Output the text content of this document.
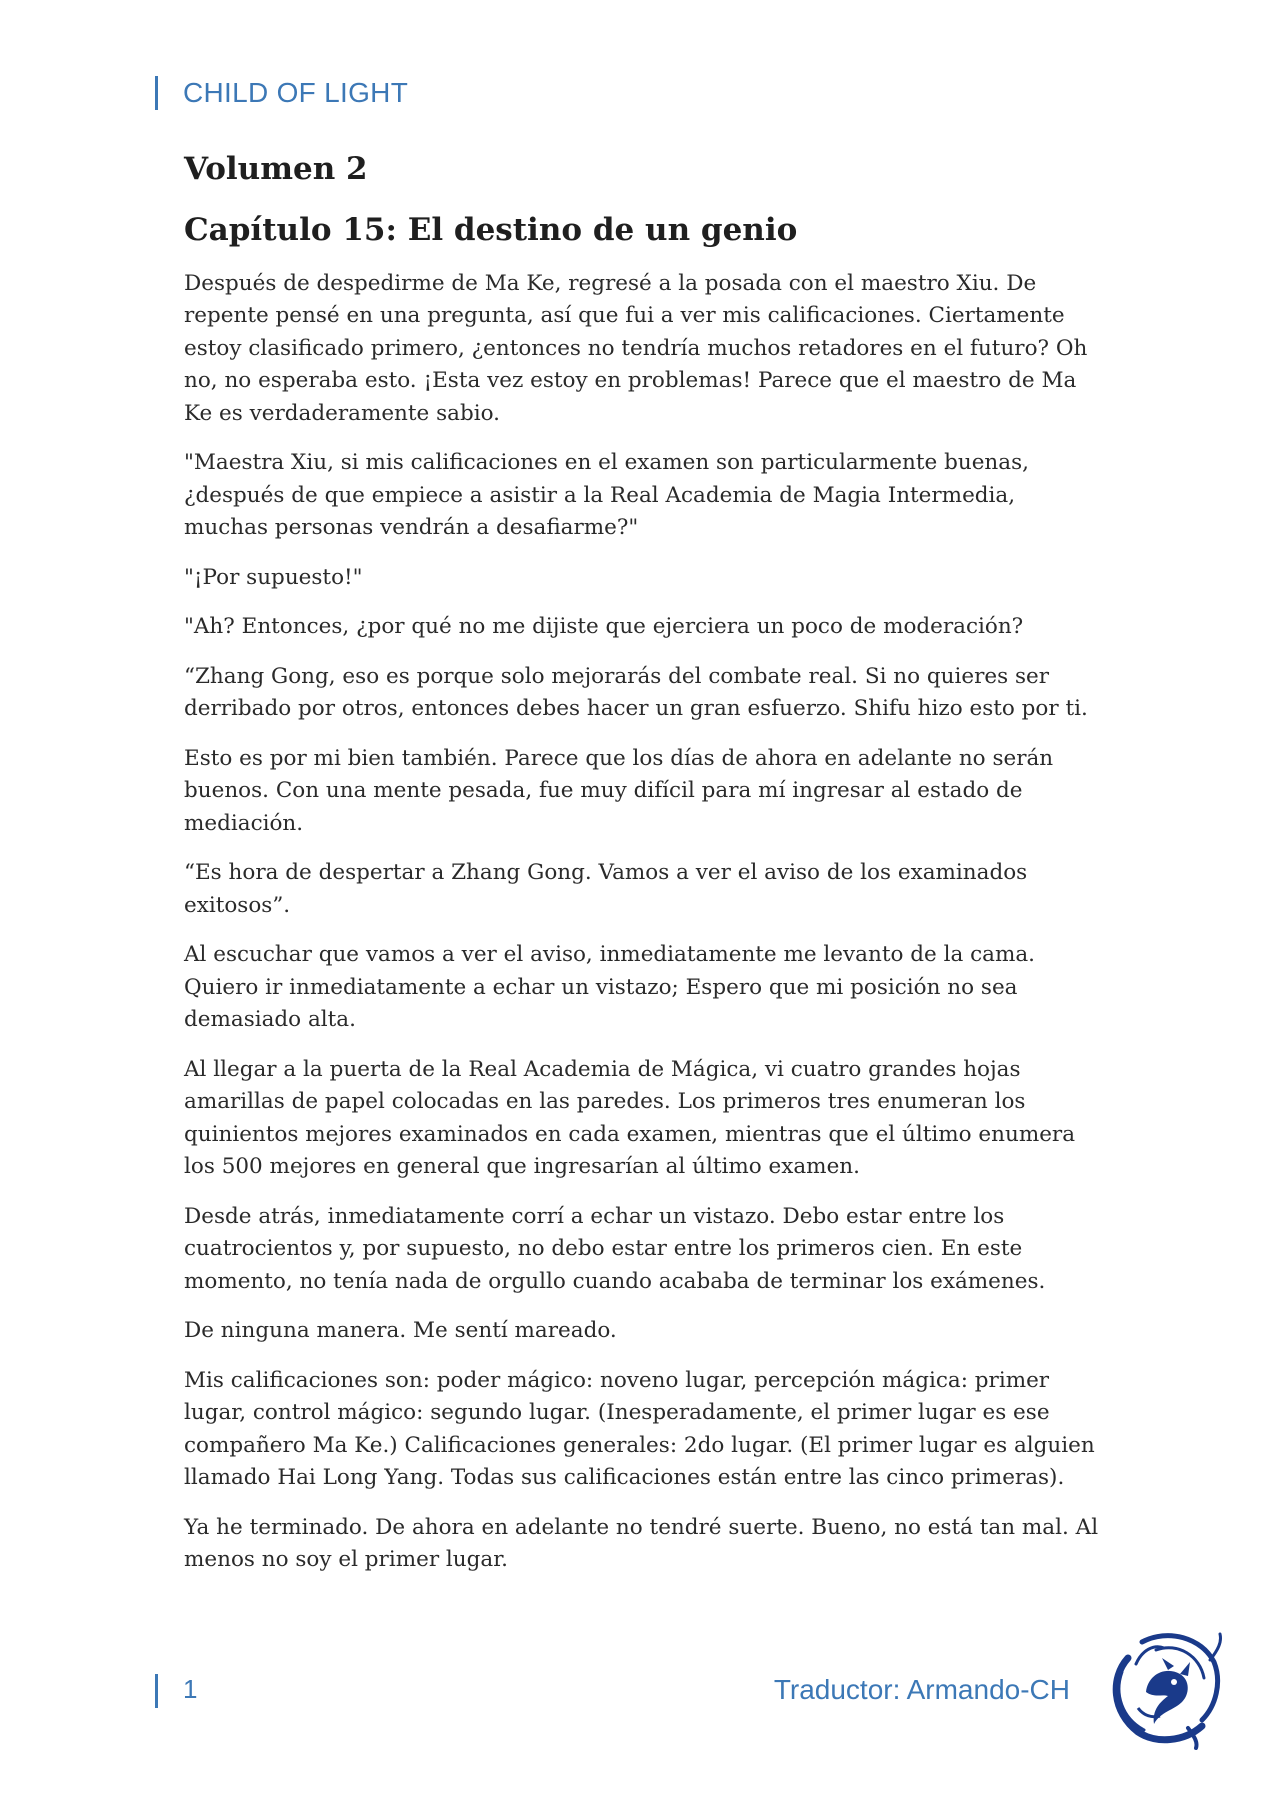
CHILD OF LIGHT
Volumen 2
Capítulo 15: El destino de un genio

Después de despedirme de Ma Ke, regresé a la posada con el maestro Xiu. De repente pensé en una pregunta, así que fui a ver mis calificaciones. Ciertamente estoy clasificado primero, ¿entonces no tendría muchos retadores en el futuro? Oh no, no esperaba esto. ¡Esta vez estoy en problemas! Parece que el maestro de Ma Ke es verdaderamente sabio.

"Maestra Xiu, si mis calificaciones en el examen son particularmente buenas, ¿después de que empiece a asistir a la Real Academia de Magia Intermedia, muchas personas vendrán a desafiarme?"

"¡Por supuesto!"

"Ah? Entonces, ¿por qué no me dijiste que ejerciera un poco de moderación?

“Zhang Gong, eso es porque solo mejorarás del combate real. Si no quieres ser derribado por otros, entonces debes hacer un gran esfuerzo. Shifu hizo esto por ti.

Esto es por mi bien también. Parece que los días de ahora en adelante no serán buenos. Con una mente pesada, fue muy difícil para mí ingresar al estado de mediación.

“Es hora de despertar a Zhang Gong. Vamos a ver el aviso de los examinados exitosos”.

Al escuchar que vamos a ver el aviso, inmediatamente me levanto de la cama. Quiero ir inmediatamente a echar un vistazo; Espero que mi posición no sea demasiado alta.

Al llegar a la puerta de la Real Academia de Mágica, vi cuatro grandes hojas amarillas de papel colocadas en las paredes. Los primeros tres enumeran los quinientos mejores examinados en cada examen, mientras que el último enumera los 500 mejores en general que ingresarían al último examen.

Desde atrás, inmediatamente corrí a echar un vistazo. Debo estar entre los cuatrocientos y, por supuesto, no debo estar entre los primeros cien. En este momento, no tenía nada de orgullo cuando acababa de terminar los exámenes.

De ninguna manera. Me sentí mareado.

Mis calificaciones son: poder mágico: noveno lugar, percepción mágica: primer lugar, control mágico: segundo lugar. (Inesperadamente, el primer lugar es ese compañero Ma Ke.) Calificaciones generales: 2do lugar. (El primer lugar es alguien llamado Hai Long Yang. Todas sus calificaciones están entre las cinco primeras).

Ya he terminado. De ahora en adelante no tendré suerte. Bueno, no está tan mal. Al menos no soy el primer lugar.

1	Traductor: Armando-CH
